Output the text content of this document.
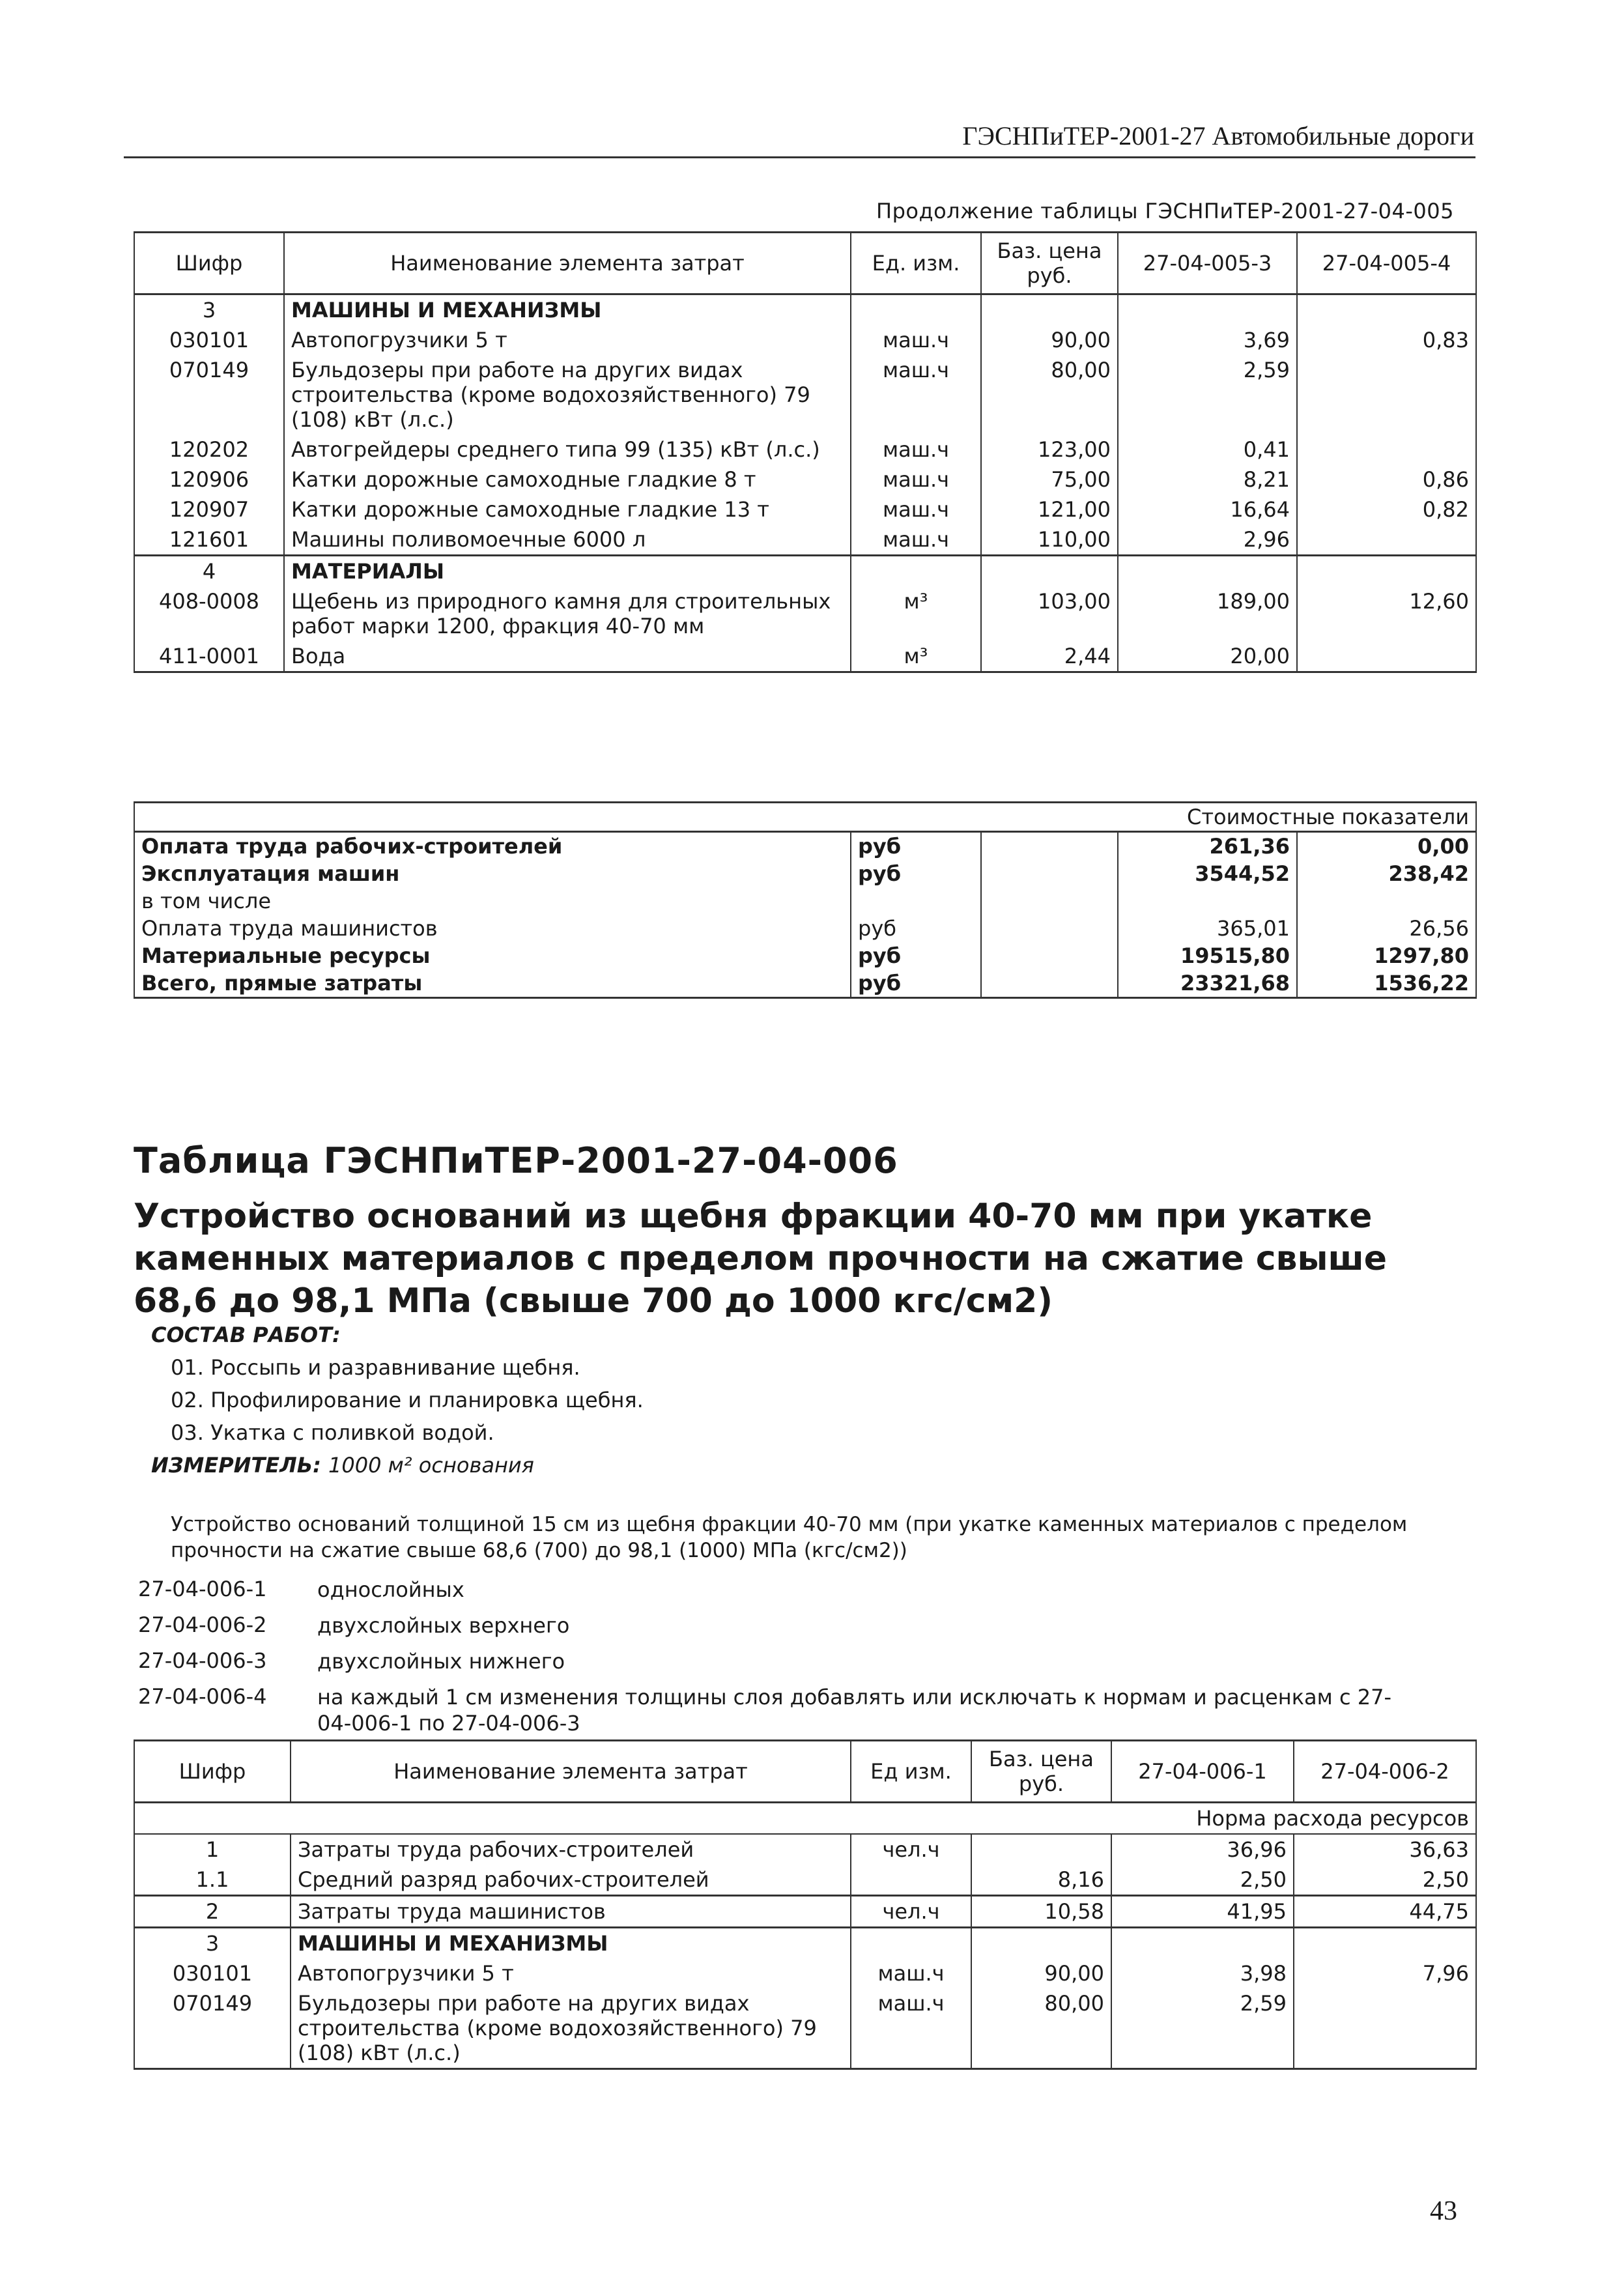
ГЭСНПиТЕР-2001-27 Автомобильные дороги
Продолжение таблицы ГЭСНПиТЕР-2001-27-04-005
Шифр	Наименование элемента затрат	Ед. изм.	Баз. цена руб.	27-04-005-3	27-04-005-4
3	МАШИНЫ И МЕХАНИЗМЫ				
030101	Автопогрузчики 5 т	маш.ч	90,00	3,69	0,83
070149	Бульдозеры при работе на других видах строительства (кроме водохозяйственного) 79 (108) кВт (л.с.)	маш.ч	80,00	2,59	
120202	Автогрейдеры среднего типа 99 (135) кВт (л.с.)	маш.ч	123,00	0,41	
120906	Катки дорожные самоходные гладкие 8 т	маш.ч	75,00	8,21	0,86
120907	Катки дорожные самоходные гладкие 13 т	маш.ч	121,00	16,64	0,82
121601	Машины поливомоечные 6000 л	маш.ч	110,00	2,96	
4	МАТЕРИАЛЫ				
408-0008	Щебень из природного камня для строительных работ марки 1200, фракция 40-70 мм	м³	103,00	189,00	12,60
411-0001	Вода	м³	2,44	20,00	
Стоимостные показатели				
Оплата труда рабочих-строителей	руб		261,36	0,00
Эксплуатация машин	руб		3544,52	238,42
в том числе				
Оплата труда машинистов	руб		365,01	26,56
Материальные ресурсы	руб		19515,80	1297,80
Всего, прямые затраты	руб		23321,68	1536,22
Таблица ГЭСНПиТЕР-2001-27-04-006
Устройство оснований из щебня фракции 40-70 мм при укатке каменных материалов с пределом прочности на сжатие свыше 68,6 до 98,1 МПа (свыше 700 до 1000 кгс/см2)
СОСТАВ РАБОТ:
01. Россыпь и разравнивание щебня.
02. Профилирование и планировка щебня.
03. Укатка с поливкой водой.
ИЗМЕРИТЕЛЬ: 1000 м² основания
Устройство оснований толщиной 15 см из щебня фракции 40-70 мм (при укатке каменных материалов с пределом прочности на сжатие свыше 68,6 (700) до 98,1 (1000) МПа (кгс/см2))
27-04-006-1 однослойных
27-04-006-2 двухслойных верхнего
27-04-006-3 двухслойных нижнего
27-04-006-4 на каждый 1 см изменения толщины слоя добавлять или исключать к нормам и расценкам с 27-04-006-1 по 27-04-006-3
Шифр	Наименование элемента затрат	Ед изм.	Баз. цена руб.	27-04-006-1	27-04-006-2
Норма расхода ресурсов					
1	Затраты труда рабочих-строителей	чел.ч		36,96	36,63
1.1	Средний разряд рабочих-строителей		8,16	2,50	2,50
2	Затраты труда машинистов	чел.ч	10,58	41,95	44,75
3	МАШИНЫ И МЕХАНИЗМЫ				
030101	Автопогрузчики 5 т	маш.ч	90,00	3,98	7,96
070149	Бульдозеры при работе на других видах строительства (кроме водохозяйственного) 79 (108) кВт (л.с.)	маш.ч	80,00	2,59	
43
